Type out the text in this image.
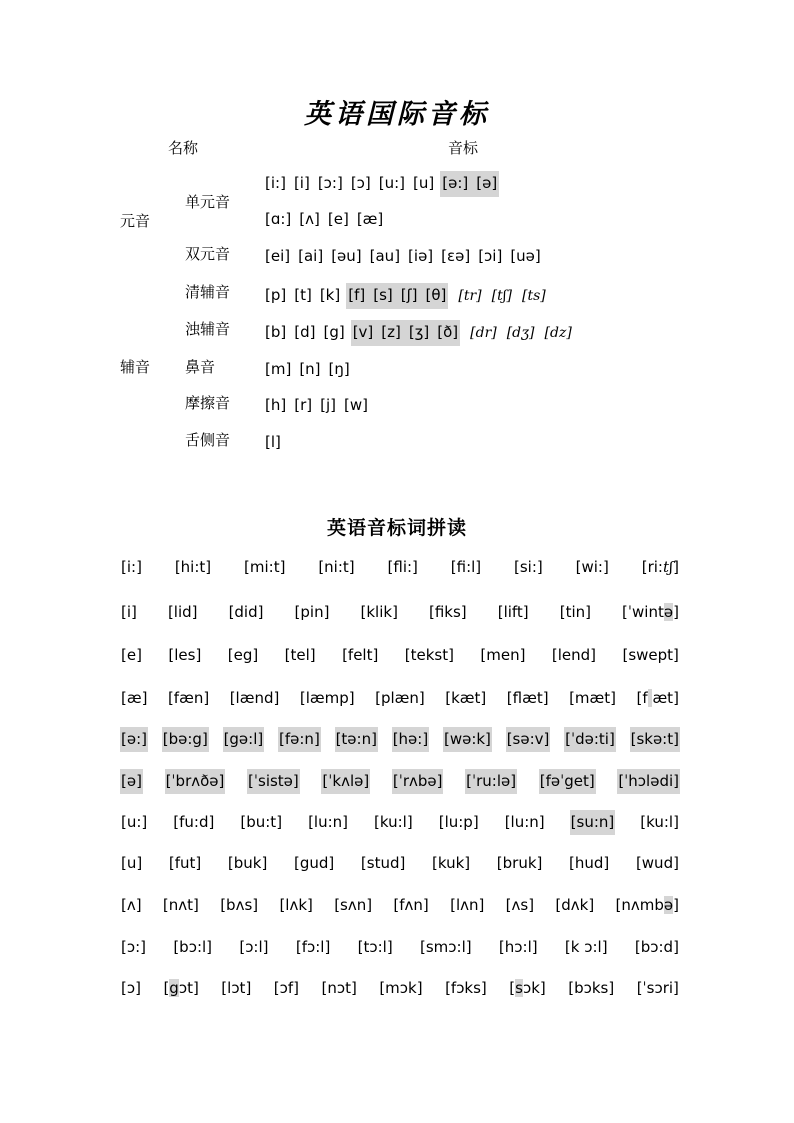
英语国际音标
名称	音标
元音
辅音
单元音
双元音
清辅音
浊辅音
鼻音
摩擦音
舌侧音
[i:] [i] [ɔ:] [ɔ] [u:] [u] [ə:] [ə]
[ɑ:] [ʌ] [e] [æ]
[ei] [ai] [əu] [au] [iə] [ɛə] [ɔi] [uə]
[p] [t] [k] [f] [s] [ʃ] [θ] [tr] [tʃ] [ts]
[b] [d] [g] [v] [z] [ʒ] [ð] [dr] [dʒ] [dz]
[m] [n] [ŋ]
[h] [r] [j] [w]
[l]
英语音标词拼读
[i:] [hi:t] [mi:t] [ni:t] [fli:] [fi:l] [si:] [wi:] [ri:tʃ]
[i] [lid] [did] [pin] [klik] [fiks] [lift] [tin] [ˈwintə]
[e] [les] [eg] [tel] [felt] [tekst] [men] [lend] [swept]
[æ] [fæn] [lænd] [læmp] [plæn] [kæt] [flæt] [mæt] [f æt]
[ə:] [bə:g] [gə:l] [fə:n] [tə:n] [hə:] [wə:k] [sə:v] [ˈdə:ti] [skə:t]
[ə] [ˈbrʌðə] [ˈsistə] [ˈkʌlə] [ˈrʌbə] [ˈru:lə] [fəˈget] [ˈhɔlədi]
[u:] [fu:d] [bu:t] [lu:n] [ku:l] [lu:p] [lu:n] [su:n] [ku:l]
[u] [fut] [buk] [gud] [stud] [kuk] [bruk] [hud] [wud]
[ʌ] [nʌt] [bʌs] [lʌk] [sʌn] [fʌn] [lʌn] [ʌs] [dʌk] [nʌmbə]
[ɔ:] [bɔ:l] [ɔ:l] [fɔ:l] [tɔ:l] [smɔ:l] [hɔ:l] [k ɔ:l] [bɔ:d]
[ɔ] [gɔt] [lɔt] [ɔf] [nɔt] [mɔk] [fɔks] [sɔk] [bɔks] [ˈsɔri]
